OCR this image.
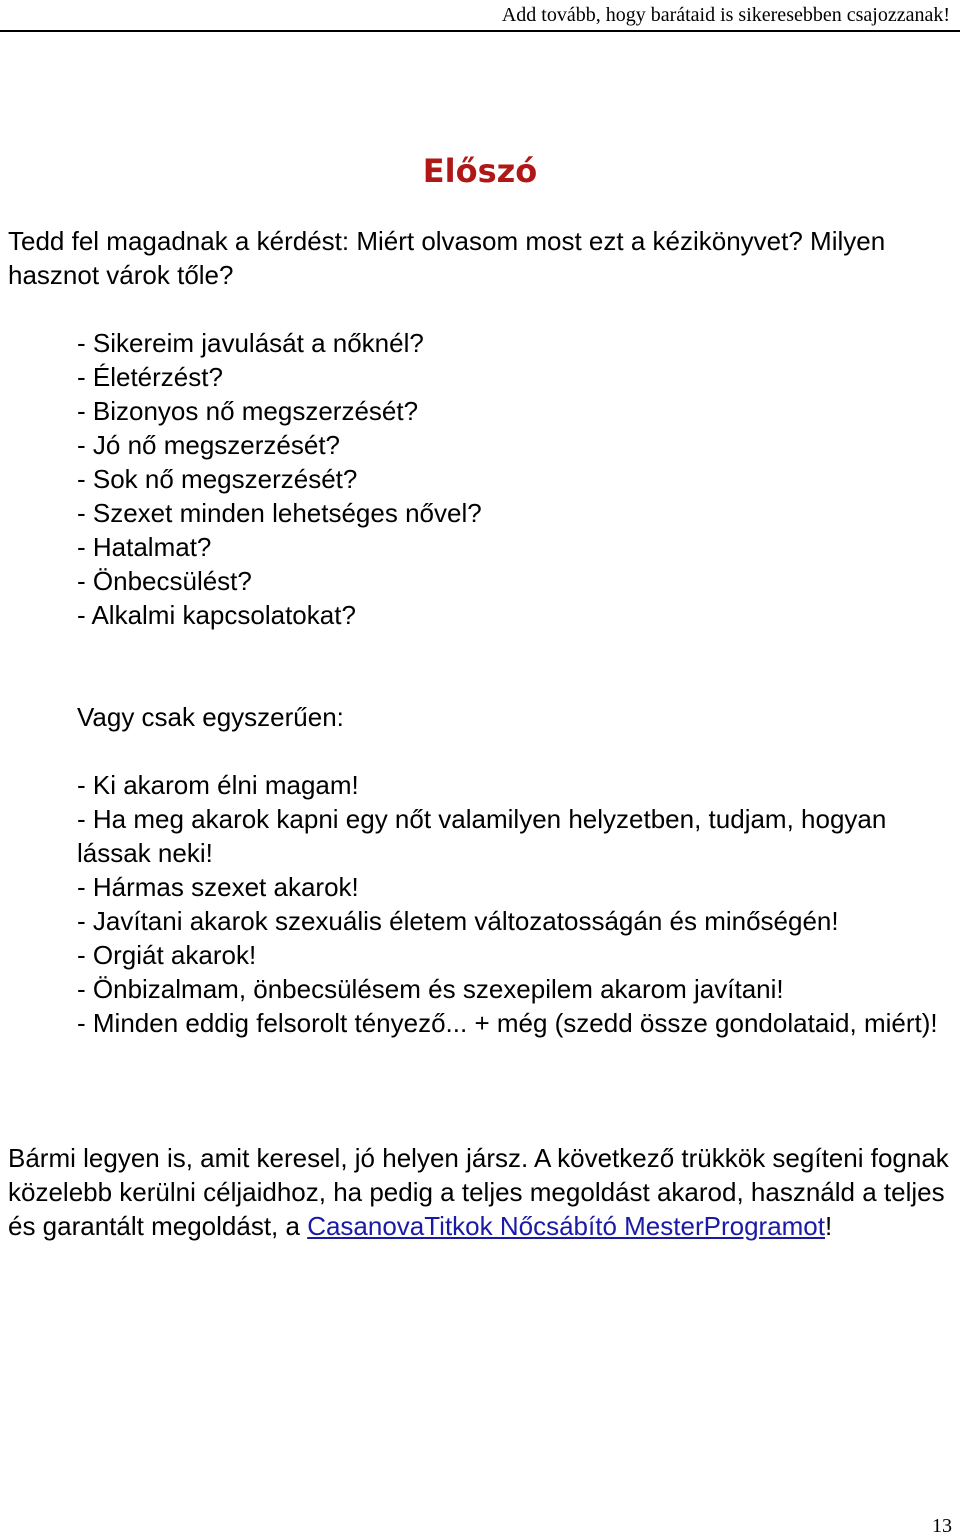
Add tovább, hogy barátaid is sikeresebben csajozzanak!
Előszó

Tedd fel magadnak a kérdést: Miért olvasom most ezt a kézikönyvet? Milyen hasznot várok tőle?

- Sikereim javulását a nőknél?
- Életérzést?
- Bizonyos nő megszerzését?
- Jó nő megszerzését?
- Sok nő megszerzését?
- Szexet minden lehetséges nővel?
- Hatalmat?
- Önbecsülést?
- Alkalmi kapcsolatokat?

Vagy csak egyszerűen:

- Ki akarom élni magam!
- Ha meg akarok kapni egy nőt valamilyen helyzetben, tudjam, hogyan lássak neki!
- Hármas szexet akarok!
- Javítani akarok szexuális életem változatosságán és minőségén!
- Orgiát akarok!
- Önbizalmam, önbecsülésem és szexepilem akarom javítani!
- Minden eddig felsorolt tényező... + még (szedd össze gondolataid, miért)!

Bármi legyen is, amit keresel, jó helyen jársz. A következő trükkök segíteni fognak közelebb kerülni céljaidhoz, ha pedig a teljes megoldást akarod, használd a teljes és garantált megoldást, a CasanovaTitkok Nőcsábító MesterProgramot!

13
